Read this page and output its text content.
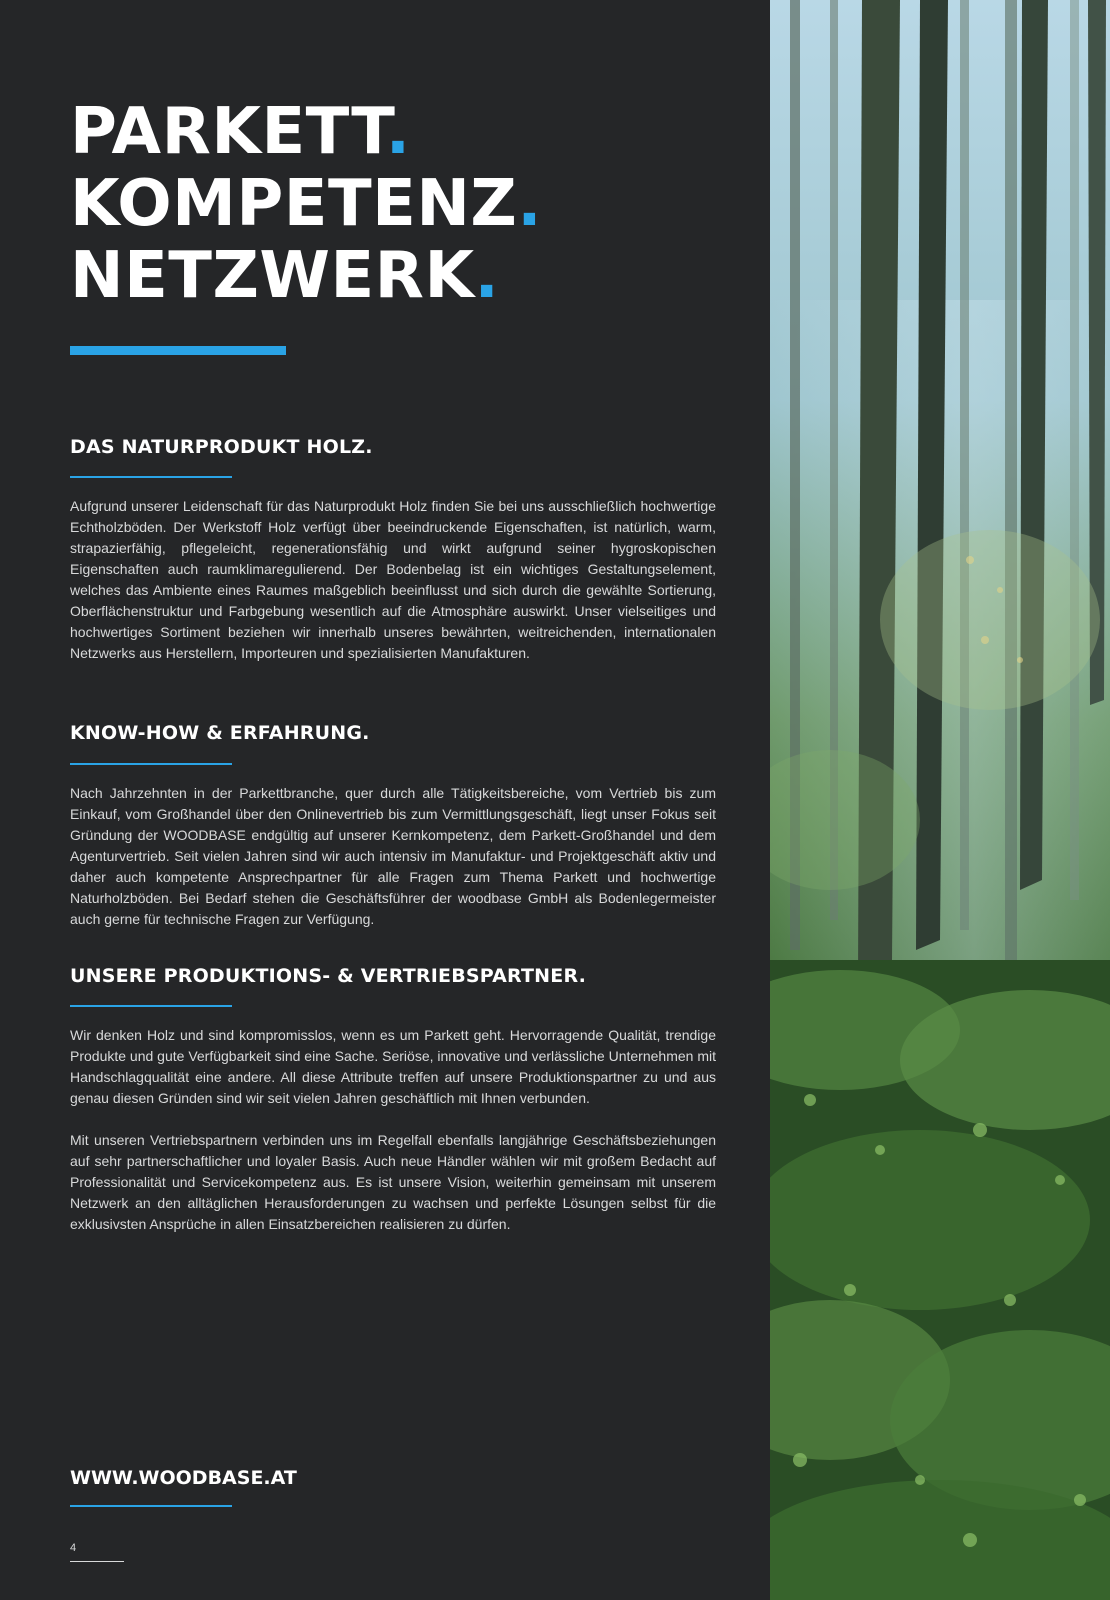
PARKETT.
KOMPETENZ.
NETZWERK.
DAS NATURPRODUKT HOLZ.

Aufgrund unserer Leidenschaft für das Naturprodukt Holz finden Sie bei uns ausschließlich hochwertige Echtholzböden. Der Werkstoff Holz verfügt über beeindruckende Eigenschaften, ist natürlich, warm, strapazierfähig, pflegeleicht, regenerationsfähig und wirkt aufgrund seiner hygroskopischen Eigenschaften auch raumklimaregulierend. Der Bodenbelag ist ein wichtiges Gestaltungselement, welches das Ambiente eines Raumes maßgeblich beeinflusst und sich durch die gewählte Sortierung, Oberflächenstruktur und Farbgebung wesentlich auf die Atmosphäre auswirkt. Unser vielseitiges und hochwertiges Sortiment beziehen wir innerhalb unseres bewährten, weitreichenden, internationalen Netzwerks aus Herstellern, Importeuren und spezialisierten Manufakturen.

KNOW-HOW & ERFAHRUNG.

Nach Jahrzehnten in der Parkettbranche, quer durch alle Tätigkeitsbereiche, vom Vertrieb bis zum Einkauf, vom Großhandel über den Onlinevertrieb bis zum Vermittlungsgeschäft, liegt unser Fokus seit Gründung der WOODBASE endgültig auf unserer Kernkompetenz, dem Parkett-Großhandel und dem Agenturvertrieb. Seit vielen Jahren sind wir auch intensiv im Manufaktur- und Projektgeschäft aktiv und daher auch kompetente Ansprechpartner für alle Fragen zum Thema Parkett und hochwertige Naturholzböden. Bei Bedarf stehen die Geschäftsführer der woodbase GmbH als Bodenlegermeister auch gerne für technische Fragen zur Verfügung.

UNSERE PRODUKTIONS- & VERTRIEBSPARTNER.

Wir denken Holz und sind kompromisslos, wenn es um Parkett geht. Hervorragende Qualität, trendige Produkte und gute Verfügbarkeit sind eine Sache. Seriöse, innovative und verlässliche Unternehmen mit Handschlagqualität eine andere. All diese Attribute treffen auf unsere Produktionspartner zu und aus genau diesen Gründen sind wir seit vielen Jahren geschäftlich mit Ihnen verbunden.

Mit unseren Vertriebspartnern verbinden uns im Regelfall ebenfalls langjährige Geschäftsbeziehungen auf sehr partnerschaftlicher und loyaler Basis. Auch neue Händler wählen wir mit großem Bedacht auf Professionalität und Servicekompetenz aus. Es ist unsere Vision, weiterhin gemeinsam mit unserem Netzwerk an den alltäglichen Herausforderungen zu wachsen und perfekte Lösungen selbst für die exklusivsten Ansprüche in allen Einsatzbereichen realisieren zu dürfen.

WWW.WOODBASE.AT

4
